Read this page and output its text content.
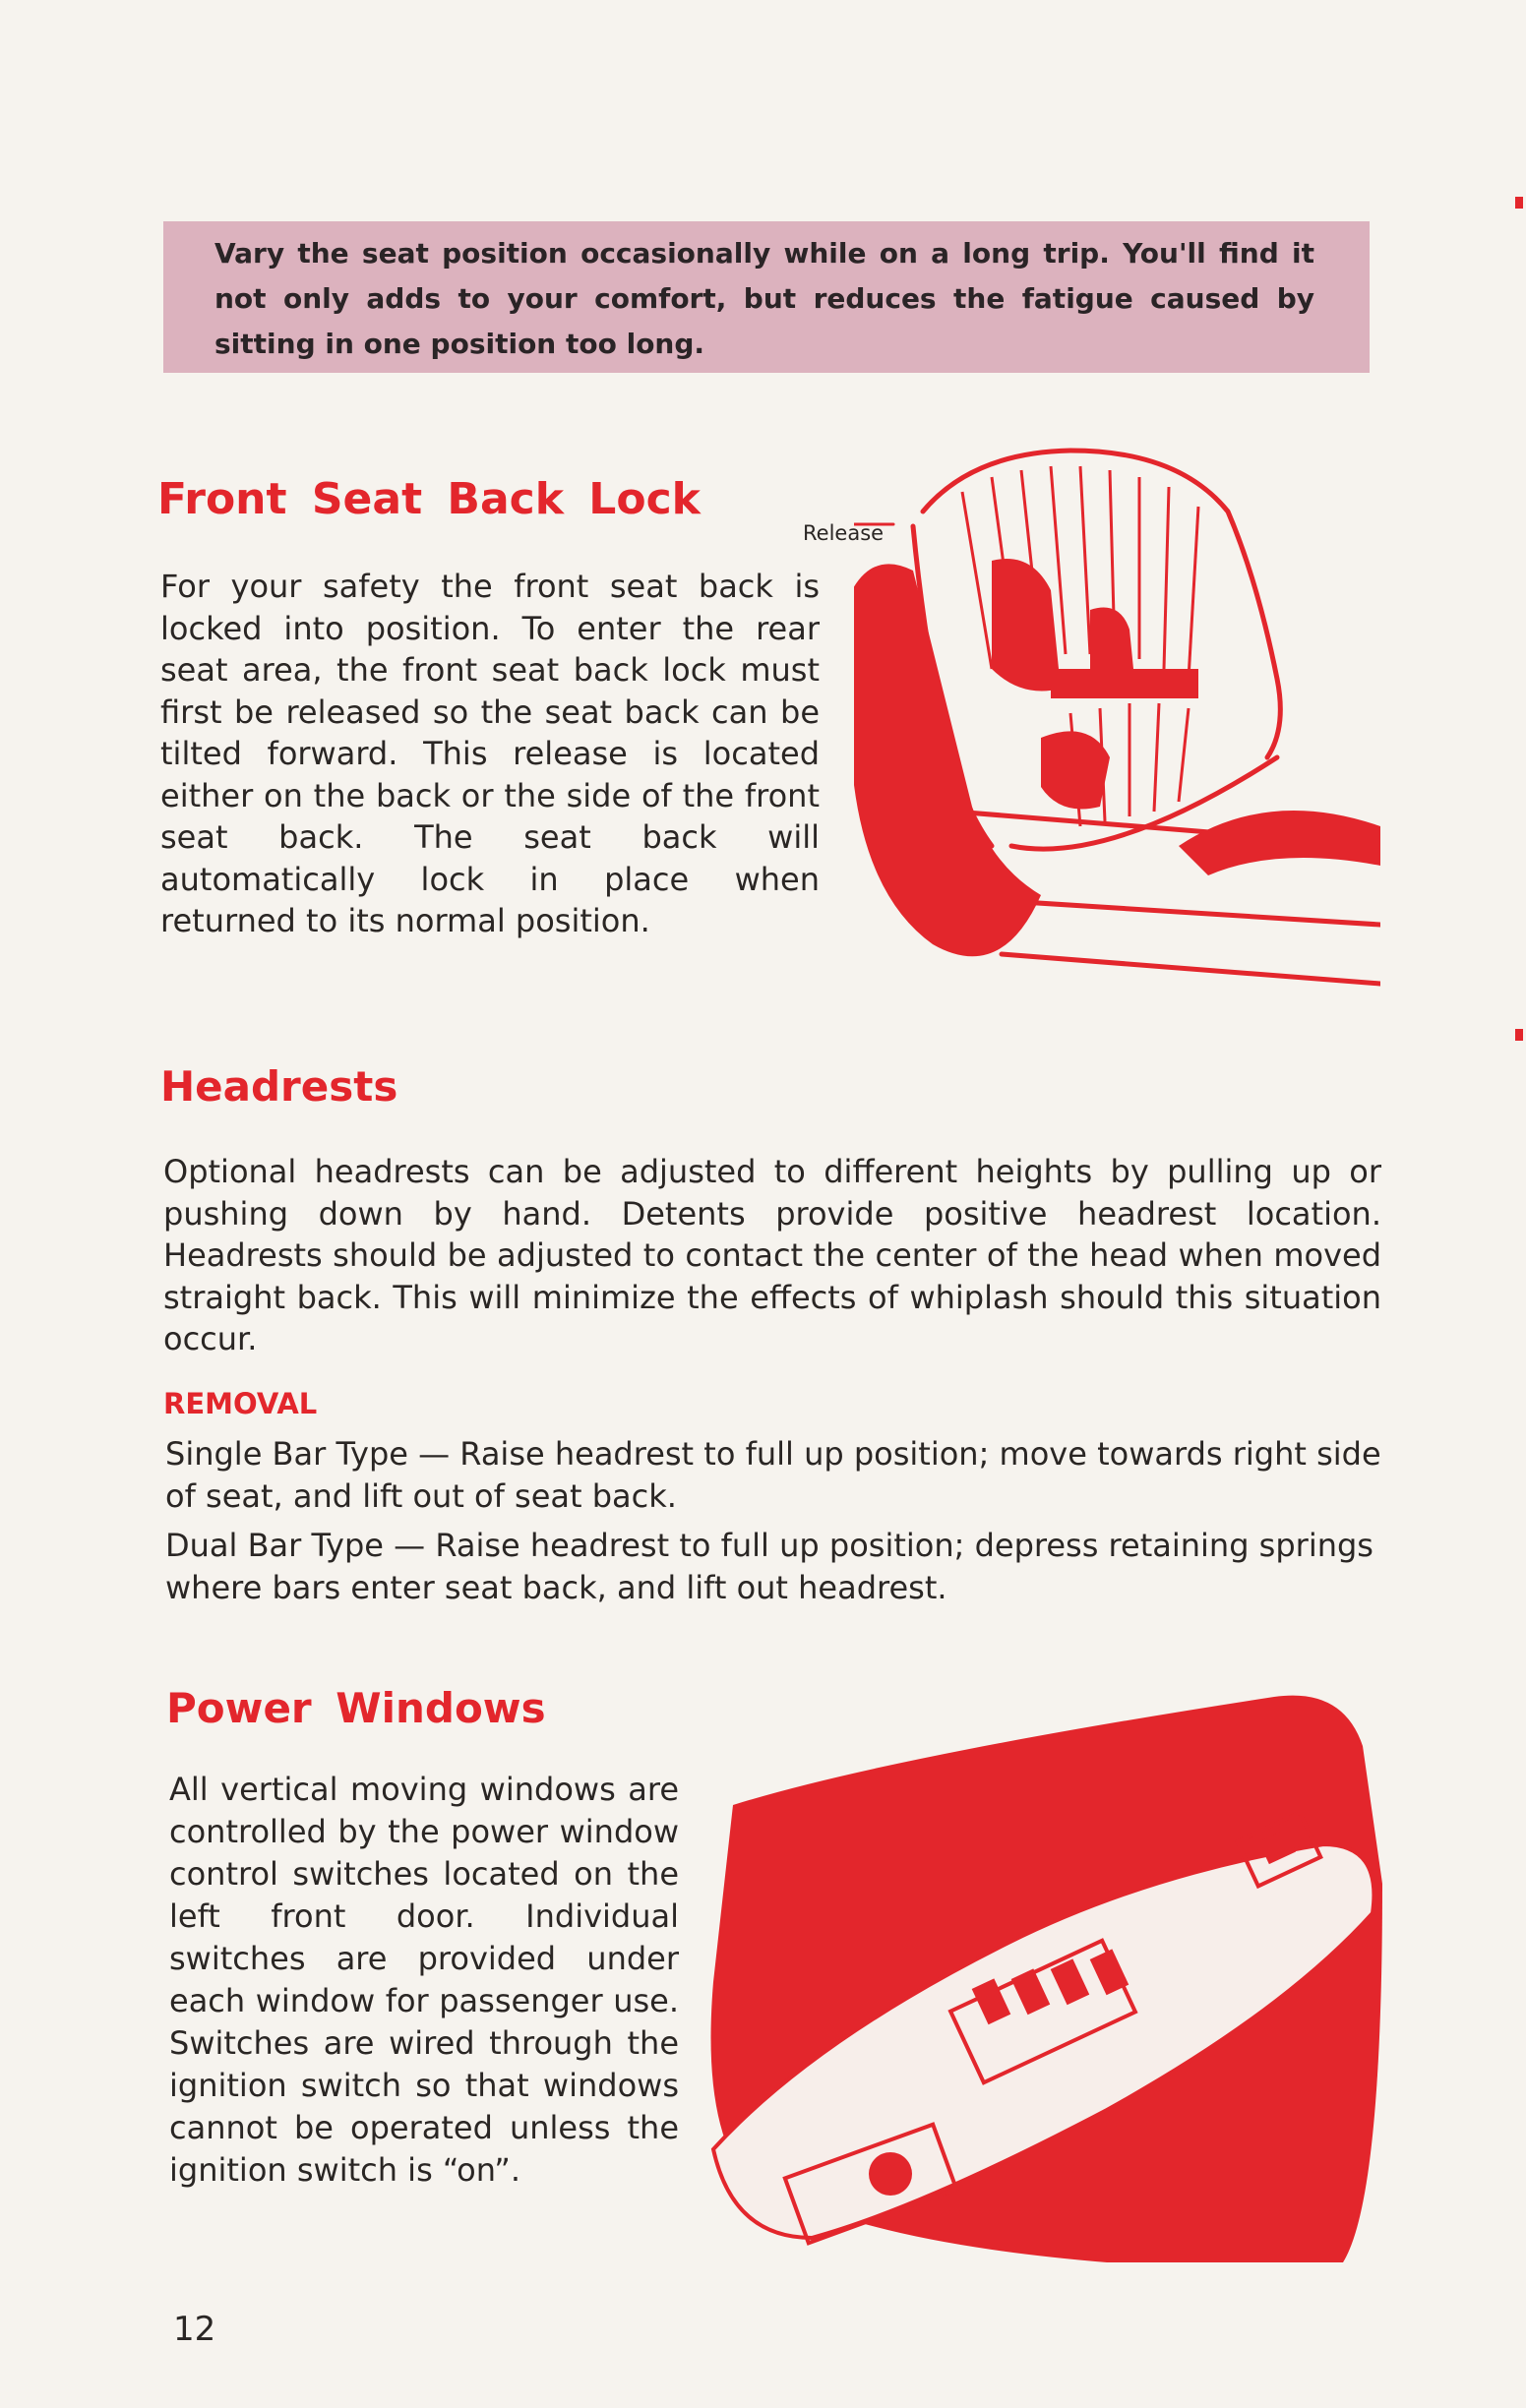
Vary the seat position occasionally while on a long trip. You'll find it not only adds to your comfort, but reduces the fatigue caused by sitting in one position too long.

Front Seat Back Lock

For your safety the front seat back is locked into position. To enter the rear seat area, the front seat back lock must first be released so the seat back can be tilted forward. This release is located either on the back or the side of the front seat back. The seat back will automatically lock in place when returned to its normal position.

Release

Headrests

Optional headrests can be adjusted to different heights by pulling up or pushing down by hand. Detents provide positive headrest location. Headrests should be adjusted to contact the center of the head when moved straight back. This will minimize the effects of whiplash should this situation occur.

REMOVAL

Single Bar Type — Raise headrest to full up position; move towards right side of seat, and lift out of seat back.

Dual Bar Type — Raise headrest to full up position; depress retaining springs where bars enter seat back, and lift out headrest.

Power Windows

All vertical moving windows are controlled by the power window control switches located on the left front door. Individual switches are provided under each window for passenger use. Switches are wired through the ignition switch so that windows cannot be operated unless the ignition switch is “on”.

12
